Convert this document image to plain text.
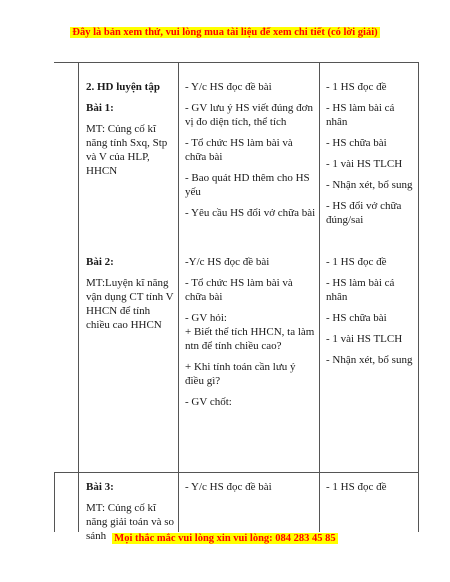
Đây là bản xem thử, vui lòng mua tài liệu để xem chi tiết (có lời giải)
Mọi thắc mắc vui lòng xin vui lòng: 084 283 45 85

2. HD luyện tập

Bài 1:

MT: Củng cố kĩ năng tính Sxq, Stp và V của HLP, HHCN

- Y/c HS đọc đề bài

- GV lưu ý HS viết đúng đơn vị đo diện tích, thể tích

- Tổ chức HS làm bài và chữa bài

- Bao quát HD thêm cho HS yếu

- Yêu cầu HS đổi vở chữa bài

- 1 HS đọc đề

- HS làm bài cá nhân

- HS chữa bài

- 1 vài HS TLCH

- Nhận xét, bổ sung

- HS đổi vở chữa đúng/sai

Bài 2:

MT:Luyện kĩ năng vận dụng CT tính V HHCN để tính chiều cao HHCN

-Y/c HS đọc đề bài

- Tổ chức HS làm bài và chữa bài

- GV hỏi:

+ Biết thể tích HHCN, ta làm ntn để tính chiều cao?

+ Khi tính toán cần lưu ý điều gì?

- GV chốt:

- 1 HS đọc đề

- HS làm bài cá nhân

- HS chữa bài

- 1 vài HS TLCH

- Nhận xét, bổ sung

Bài 3:

MT: Củng cố kĩ năng giải toán và so sánh

- Y/c HS đọc đề bài	- 1 HS đọc đề
